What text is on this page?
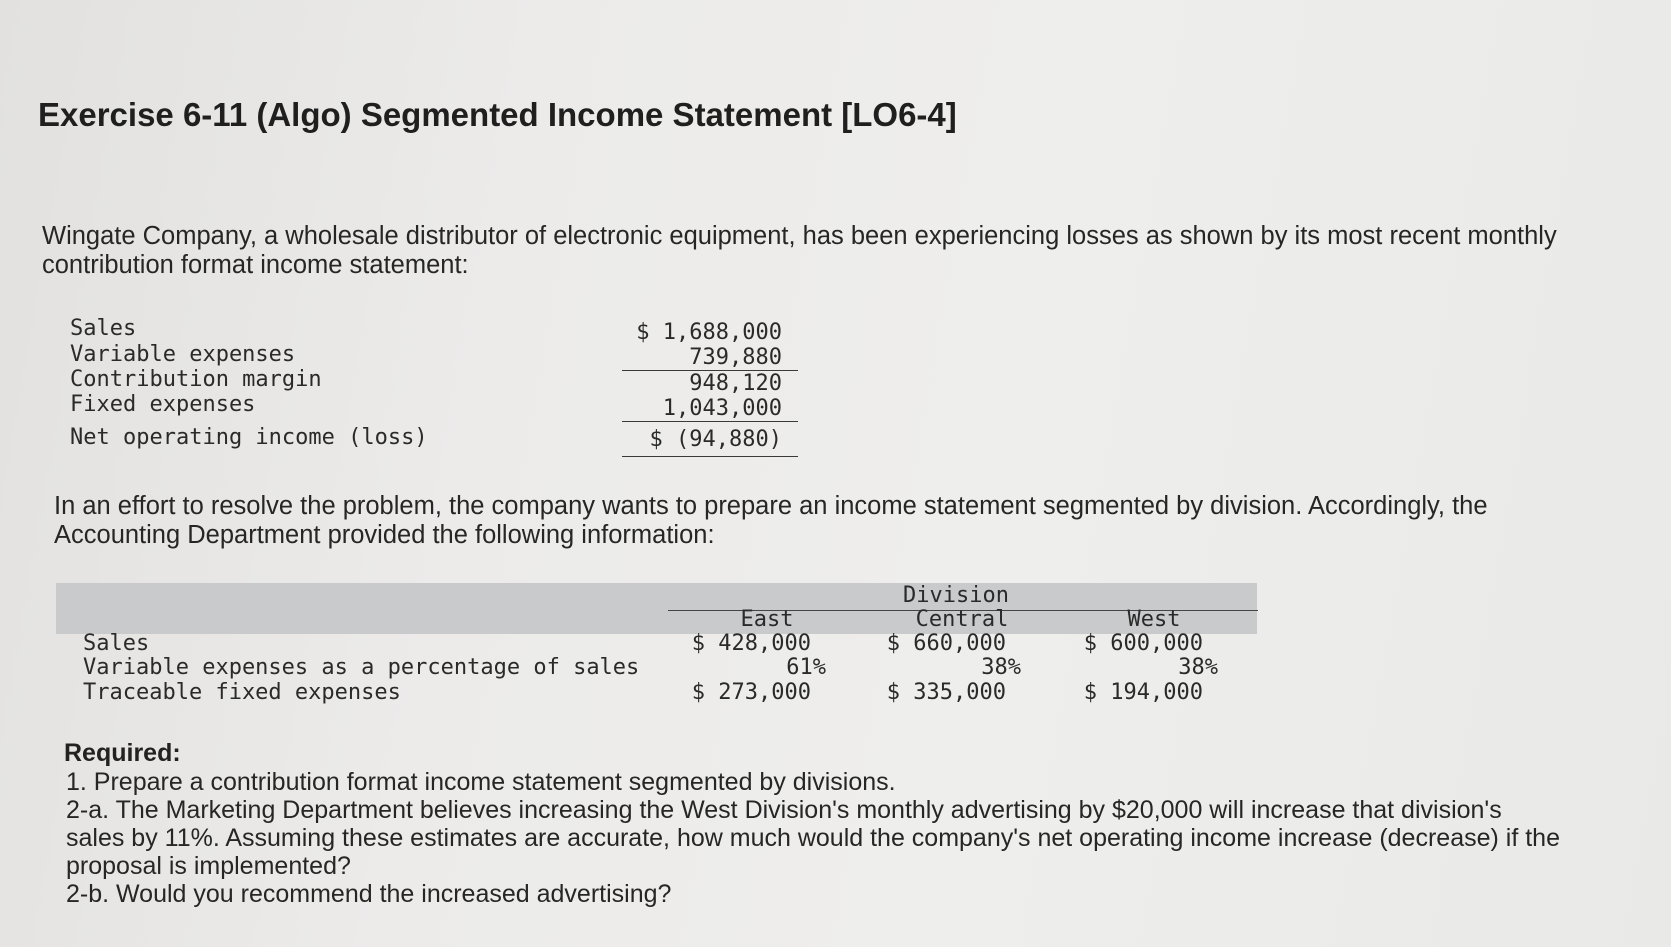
Exercise 6-11 (Algo) Segmented Income Statement [LO6-4]
Wingate Company, a wholesale distributor of electronic equipment, has been experiencing losses as shown by its most recent monthly
contribution format income statement:
Sales	$ 1,688,000
Variable expenses	739,880
Contribution margin	948,120
Fixed expenses	1,043,000
Net operating income (loss)	$ (94,880)
In an effort to resolve the problem, the company wants to prepare an income statement segmented by division. Accordingly, the
Accounting Department provided the following information:
Division
East	Central	West
Sales	$ 428,000	$ 660,000	$ 600,000
Variable expenses as a percentage of sales	61%	38%	38%
Traceable fixed expenses	$ 273,000	$ 335,000	$ 194,000
Required:
1. Prepare a contribution format income statement segmented by divisions.
2-a. The Marketing Department believes increasing the West Division's monthly advertising by $20,000 will increase that division's
sales by 11%. Assuming these estimates are accurate, how much would the company's net operating income increase (decrease) if the
proposal is implemented?
2-b. Would you recommend the increased advertising?
